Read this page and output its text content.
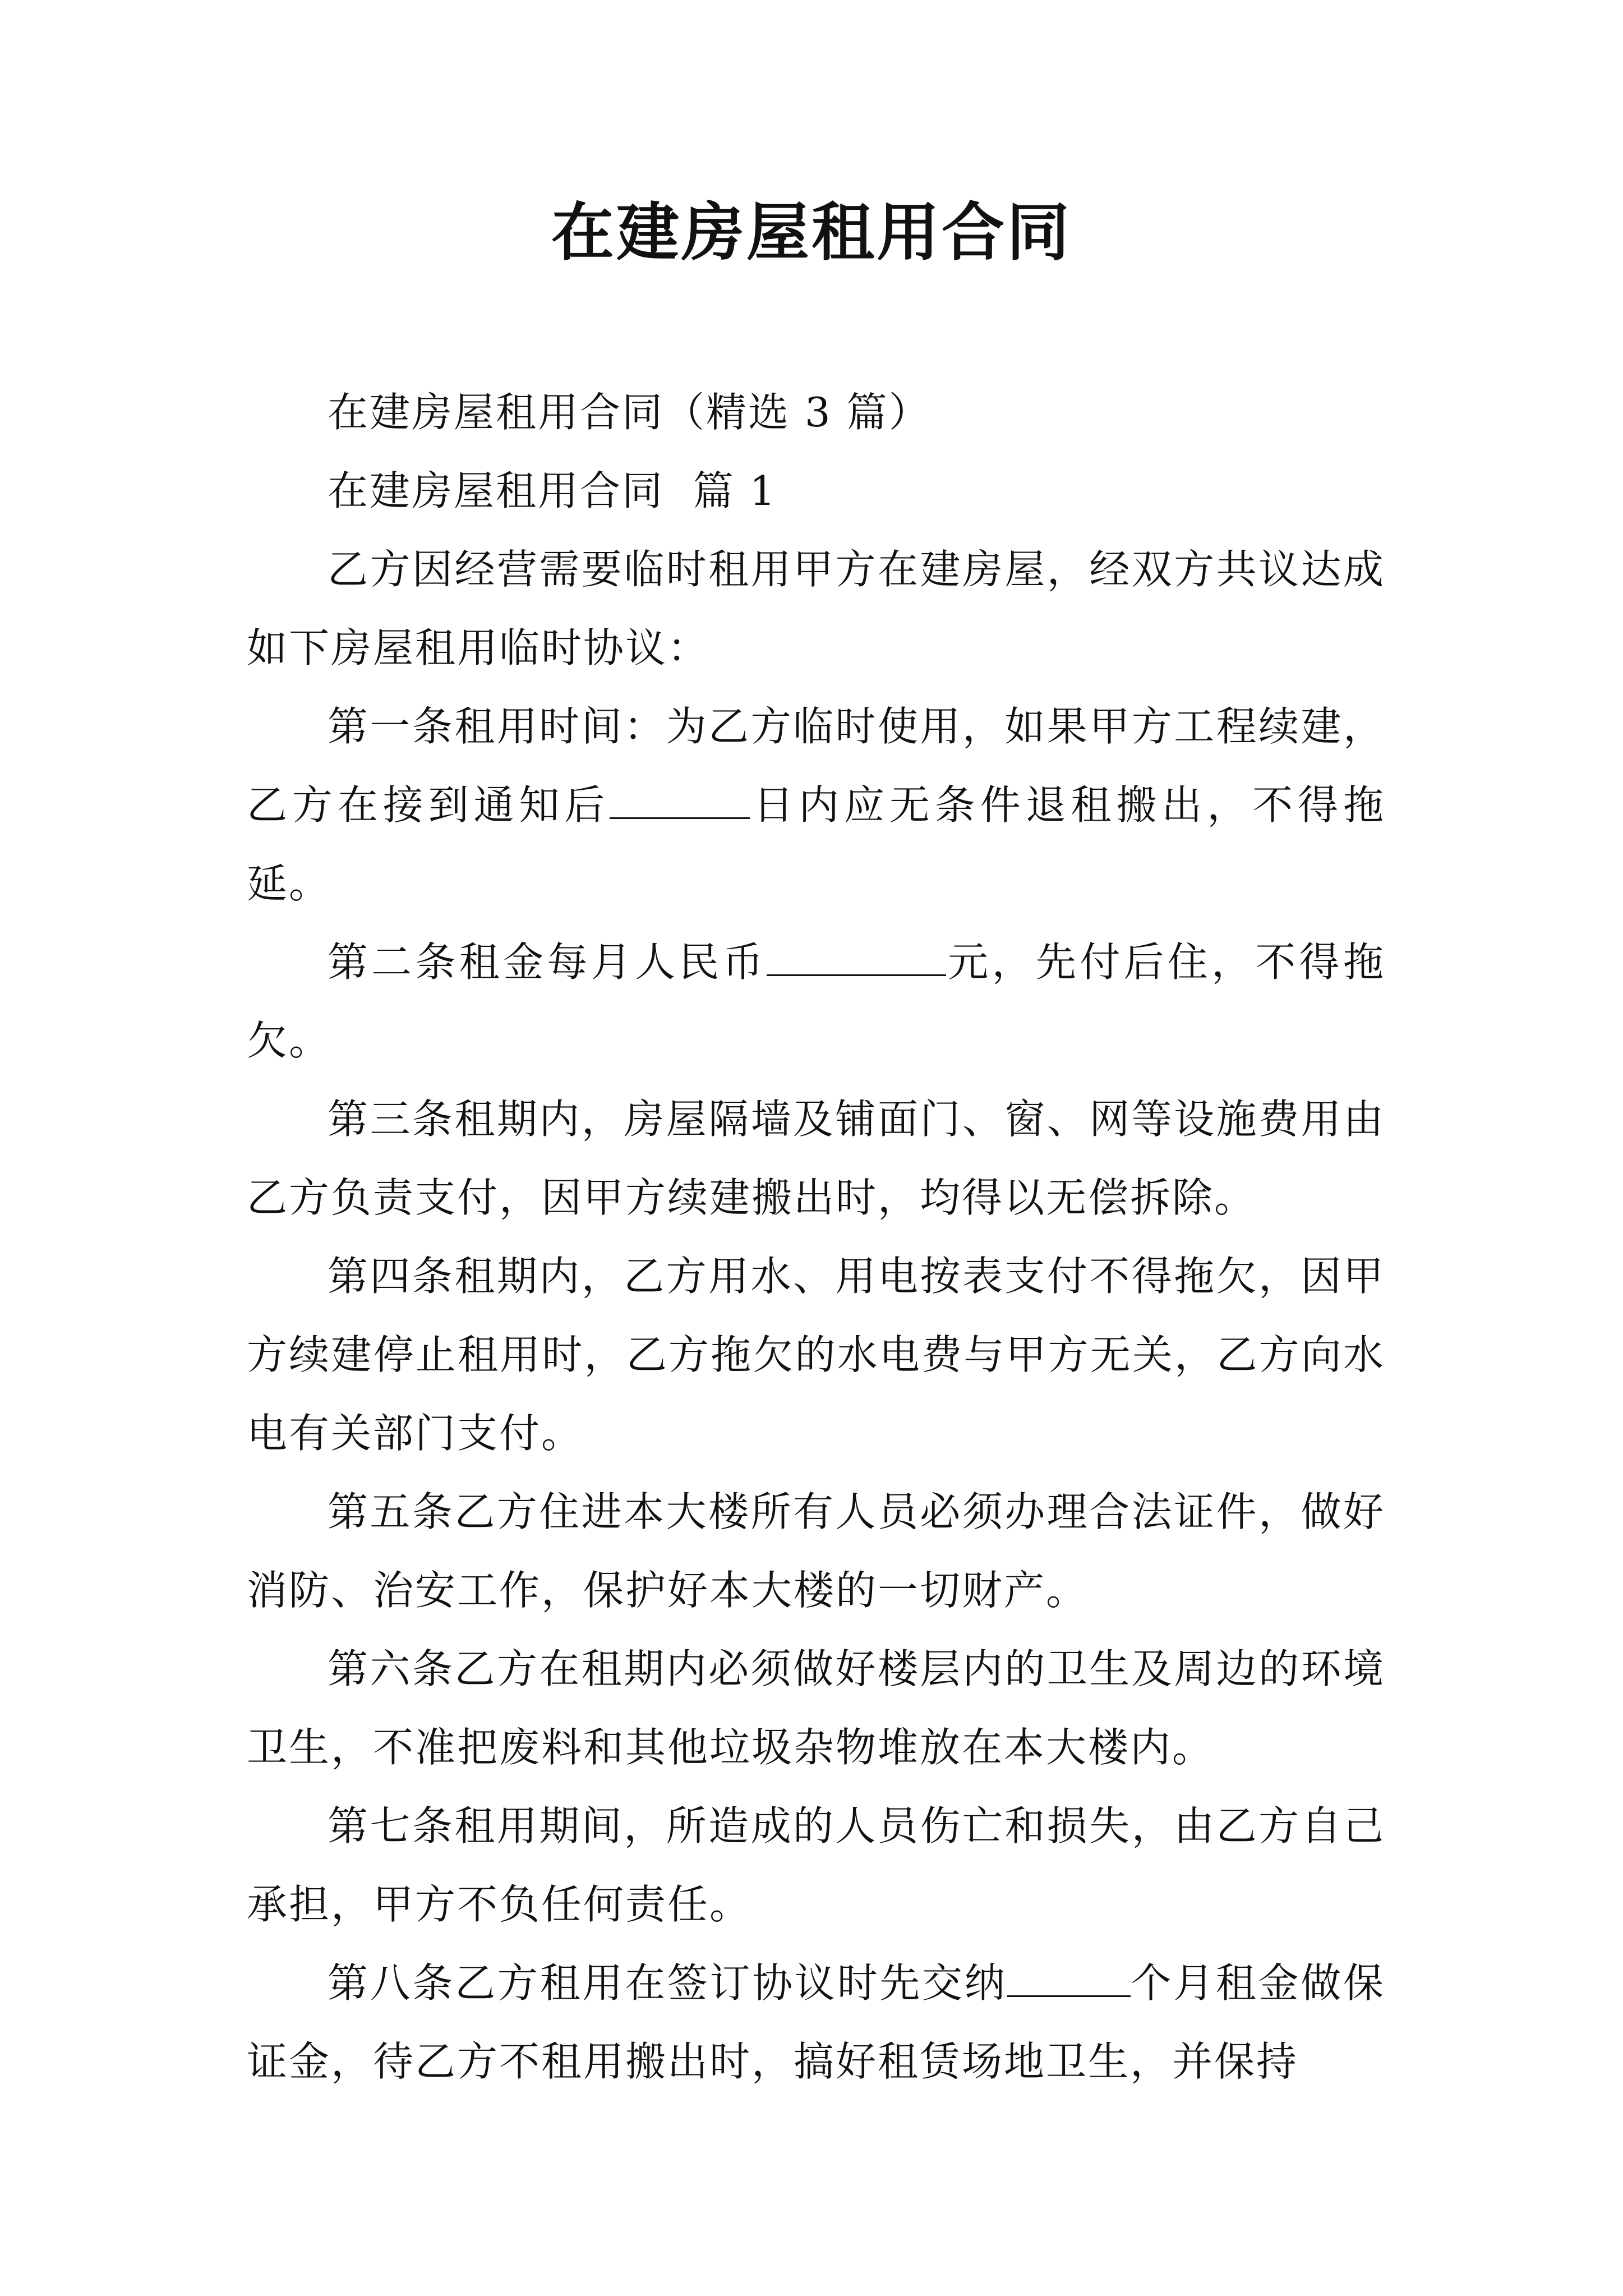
在建房屋租用合同

在建房屋租用合同（精选 3 篇）

在建房屋租用合同  篇 1

乙方因经营需要临时租用甲方在建房屋，经双方共议达成如下房屋租用临时协议：

第一条租用时间：为乙方临时使用，如果甲方工程续建，乙方在接到通知后	日内应无条件退租搬出，不得拖延。

第二条租金每月人民币	元，先付后住，不得拖欠。

第三条租期内，房屋隔墙及铺面门、窗、网等设施费用由乙方负责支付，因甲方续建搬出时，均得以无偿拆除。

第四条租期内，乙方用水、用电按表支付不得拖欠，因甲方续建停止租用时，乙方拖欠的水电费与甲方无关，乙方向水电有关部门支付。

第五条乙方住进本大楼所有人员必须办理合法证件，做好消防、治安工作，保护好本大楼的一切财产。

第六条乙方在租期内必须做好楼层内的卫生及周边的环境卫生，不准把废料和其他垃圾杂物堆放在本大楼内。

第七条租用期间，所造成的人员伤亡和损失，由乙方自己承担，甲方不负任何责任。

第八条乙方租用在签订协议时先交纳	个月租金做保证金，待乙方不租用搬出时，搞好租赁场地卫生，并保持
